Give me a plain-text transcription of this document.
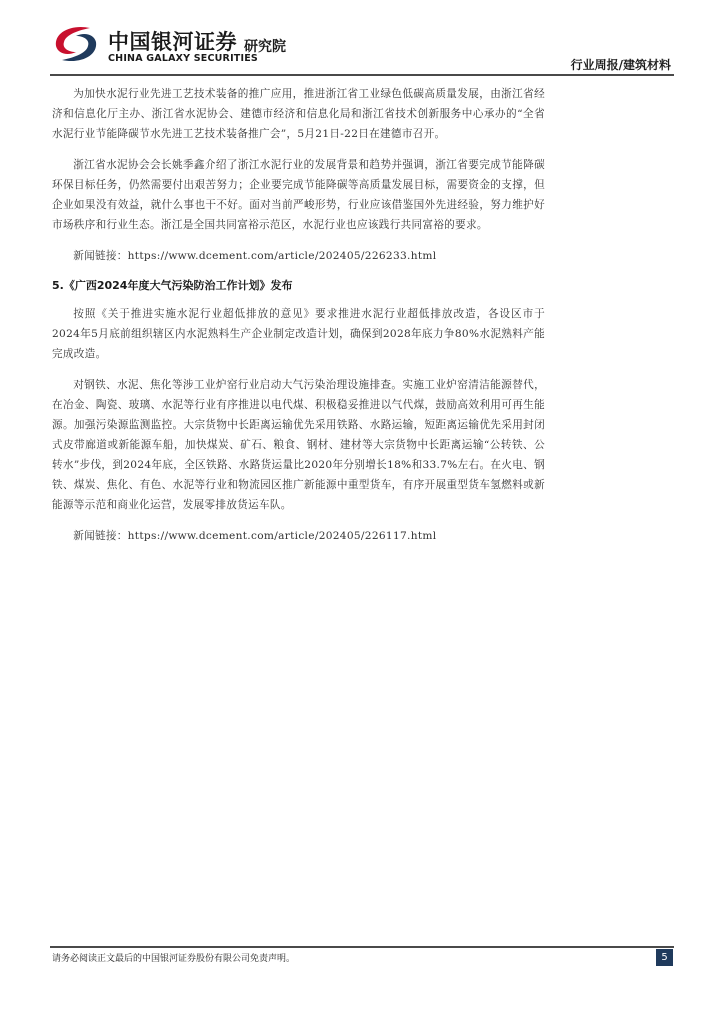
中国银河证券
CHINA GALAXY SECURITIES
研究院
行业周报/建筑材料

为加快水泥行业先进工艺技术装备的推广应用，推进浙江省工业绿色低碳高质量发展，由浙江省经济和信息化厅主办、浙江省水泥协会、建德市经济和信息化局和浙江省技术创新服务中心承办的“全省水泥行业节能降碳节水先进工艺技术装备推广会”，5月21日-22日在建德市召开。

浙江省水泥协会会长姚季鑫介绍了浙江水泥行业的发展背景和趋势并强调，浙江省要完成节能降碳环保目标任务，仍然需要付出艰苦努力；企业要完成节能降碳等高质量发展目标，需要资金的支撑，但企业如果没有效益，就什么事也干不好。面对当前严峻形势，行业应该借鉴国外先进经验，努力维护好市场秩序和行业生态。浙江是全国共同富裕示范区，水泥行业也应该践行共同富裕的要求。

新闻链接：https://www.dcement.com/article/202405/226233.html

5.《广西2024年度大气污染防治工作计划》发布

按照《关于推进实施水泥行业超低排放的意见》要求推进水泥行业超低排放改造，各设区市于2024年5月底前组织辖区内水泥熟料生产企业制定改造计划，确保到2028年底力争80%水泥熟料产能完成改造。

对钢铁、水泥、焦化等涉工业炉窑行业启动大气污染治理设施排查。实施工业炉窑清洁能源替代，在冶金、陶瓷、玻璃、水泥等行业有序推进以电代煤、积极稳妥推进以气代煤，鼓励高效利用可再生能源。加强污染源监测监控。大宗货物中长距离运输优先采用铁路、水路运输，短距离运输优先采用封闭式皮带廊道或新能源车船，加快煤炭、矿石、粮食、钢材、建材等大宗货物中长距离运输“公转铁、公转水”步伐，到2024年底，全区铁路、水路货运量比2020年分别增长18%和33.7%左右。在火电、钢铁、煤炭、焦化、有色、水泥等行业和物流园区推广新能源中重型货车，有序开展重型货车氢燃料或新能源等示范和商业化运营，发展零排放货运车队。

新闻链接：https://www.dcement.com/article/202405/226117.html

请务必阅读正文最后的中国银河证券股份有限公司免责声明。	5
